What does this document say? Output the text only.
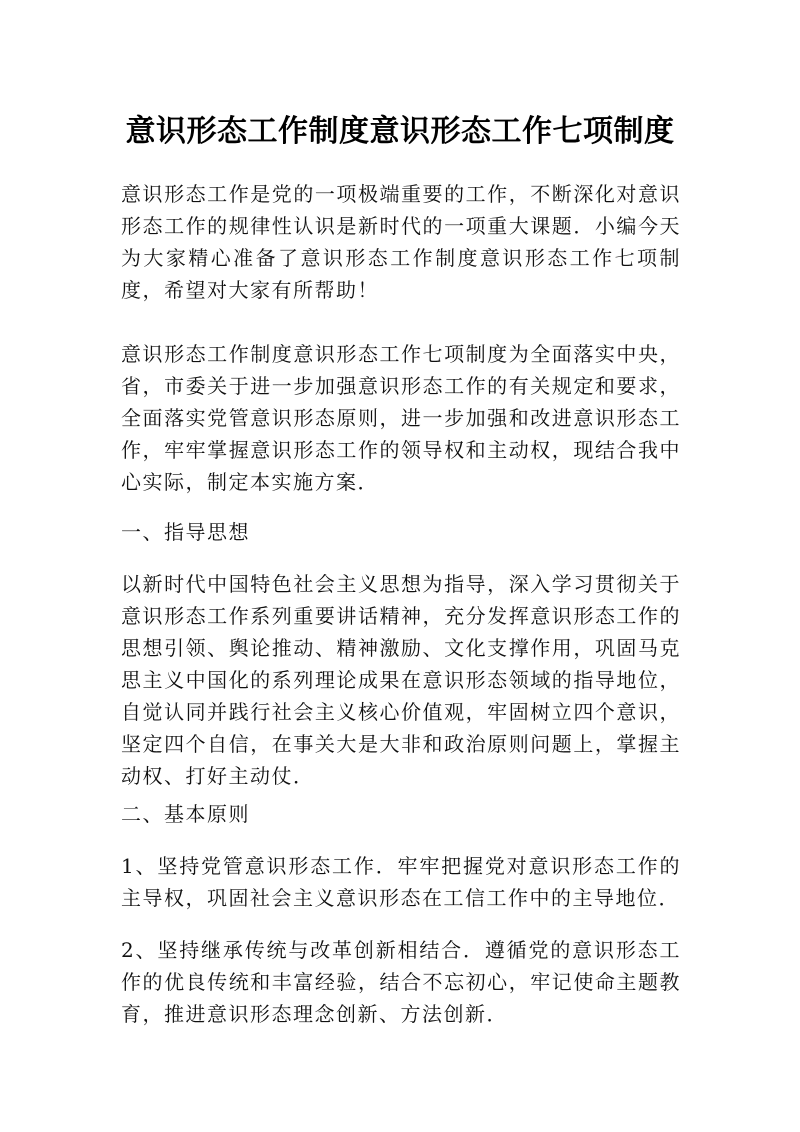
意识形态工作制度意识形态工作七项制度
意识形态工作是党的一项极端重要的工作，不断深化对意识形态工作的规律性认识是新时代的一项重大课题．小编今天为大家精心准备了意识形态工作制度意识形态工作七项制度，希望对大家有所帮助！
意识形态工作制度意识形态工作七项制度为全面落实中央，省，市委关于进一步加强意识形态工作的有关规定和要求，全面落实党管意识形态原则，进一步加强和改进意识形态工作，牢牢掌握意识形态工作的领导权和主动权，现结合我中心实际，制定本实施方案．
一、指导思想
以新时代中国特色社会主义思想为指导，深入学习贯彻关于意识形态工作系列重要讲话精神，充分发挥意识形态工作的思想引领、舆论推动、精神激励、文化支撑作用，巩固马克思主义中国化的系列理论成果在意识形态领域的指导地位，自觉认同并践行社会主义核心价值观，牢固树立四个意识，坚定四个自信，在事关大是大非和政治原则问题上，掌握主动权、打好主动仗．
二、基本原则
1、坚持党管意识形态工作．牢牢把握党对意识形态工作的主导权，巩固社会主义意识形态在工信工作中的主导地位．
2、坚持继承传统与改革创新相结合．遵循党的意识形态工作的优良传统和丰富经验，结合不忘初心，牢记使命主题教育，推进意识形态理念创新、方法创新．
